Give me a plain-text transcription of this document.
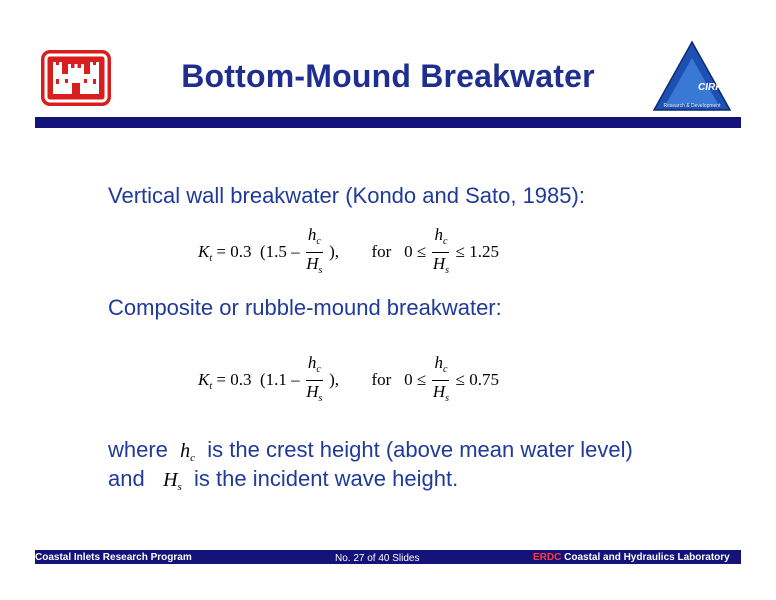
Bottom-Mound Breakwater	CIRP
Research & Development
Vertical wall breakwater (Kondo and Sato, 1985):
$K_t = 0.3$ ($1.5 - \frac{h_c}{H_s}$ ), for $0 \le \frac{h_c}{H_s} \le 1.25$
Composite or rubble-mound breakwater:
$K_t = 0.3$ ($1.1 - \frac{h_c}{H_s}$ ), for $0 \le \frac{h_c}{H_s} \le 0.75$
where $h_c$ is the crest height (above mean water level)
and $H_s$ is the incident wave height.
Coastal Inlets Research Program	No. 27 of 40 Slides	ERDC Coastal and Hydraulics Laboratory
